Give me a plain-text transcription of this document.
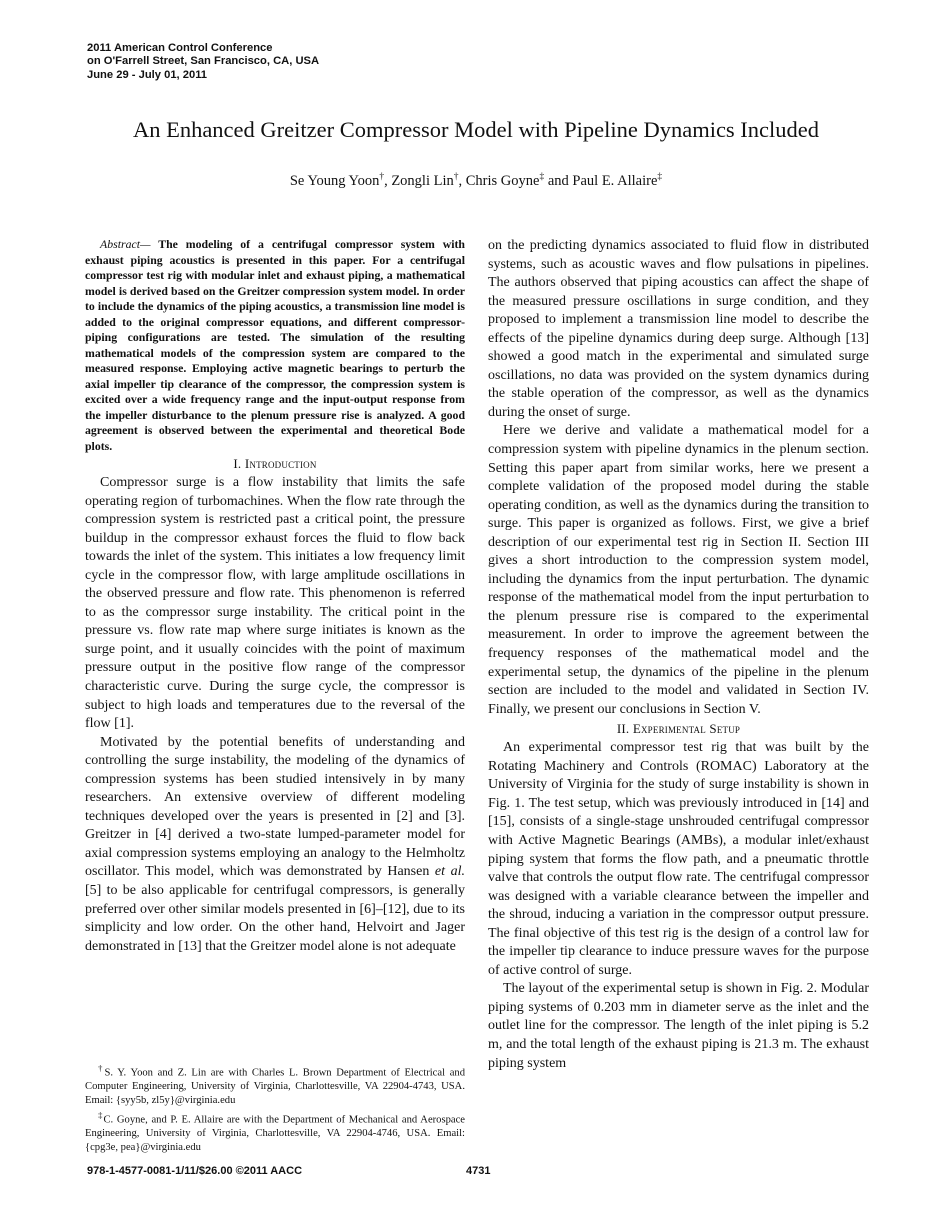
2011 American Control Conference
on O'Farrell Street, San Francisco, CA, USA
June 29 - July 01, 2011
An Enhanced Greitzer Compressor Model with Pipeline Dynamics Included
Se Young Yoon†, Zongli Lin†, Chris Goyne‡ and Paul E. Allaire‡

Abstract— The modeling of a centrifugal compressor system with exhaust piping acoustics is presented in this paper. For a centrifugal compressor test rig with modular inlet and exhaust piping, a mathematical model is derived based on the Greitzer compression system model. In order to include the dynamics of the piping acoustics, a transmission line model is added to the original compressor equations, and different compressor-piping configurations are tested. The simulation of the resulting mathematical models of the compression system are compared to the measured response. Employing active magnetic bearings to perturb the axial impeller tip clearance of the compressor, the compression system is excited over a wide frequency range and the input-output response from the impeller disturbance to the plenum pressure rise is analyzed. A good agreement is observed between the experimental and theoretical Bode plots.

I. Introduction

Compressor surge is a flow instability that limits the safe operating region of turbomachines. When the flow rate through the compression system is restricted past a critical point, the pressure buildup in the compressor exhaust forces the fluid to flow back towards the inlet of the system. This initiates a low frequency limit cycle in the compressor flow, with large amplitude oscillations in the observed pressure and flow rate. This phenomenon is referred to as the compressor surge instability. The critical point in the pressure vs. flow rate map where surge initiates is known as the surge point, and it usually coincides with the point of maximum pressure output in the positive flow range of the compressor characteristic curve. During the surge cycle, the compressor is subject to high loads and temperatures due to the reversal of the flow [1].

Motivated by the potential benefits of understanding and controlling the surge instability, the modeling of the dynamics of compression systems has been studied intensively in by many researchers. An extensive overview of different modeling techniques developed over the years is presented in [2] and [3]. Greitzer in [4] derived a two-state lumped-parameter model for axial compression systems employing an analogy to the Helmholtz oscillator. This model, which was demonstrated by Hansen et al. [5] to be also applicable for centrifugal compressors, is generally preferred over other similar models presented in [6]–[12], due to its simplicity and low order. On the other hand, Helvoirt and Jager demonstrated in [13] that the Greitzer model alone is not adequate

on the predicting dynamics associated to fluid flow in distributed systems, such as acoustic waves and flow pulsations in pipelines. The authors observed that piping acoustics can affect the shape of the measured pressure oscillations in surge condition, and they proposed to implement a transmission line model to describe the effects of the pipeline dynamics during deep surge. Although [13] showed a good match in the experimental and simulated surge oscillations, no data was provided on the system dynamics during the stable operation of the compressor, as well as the dynamics during the onset of surge.

Here we derive and validate a mathematical model for a compression system with pipeline dynamics in the plenum section. Setting this paper apart from similar works, here we present a complete validation of the proposed model during the stable operating condition, as well as the dynamics during the transition to surge. This paper is organized as follows. First, we give a brief description of our experimental test rig in Section II. Section III gives a short introduction to the compression system model, including the dynamics from the input perturbation. The dynamic response of the mathematical model from the input perturbation to the plenum pressure rise is compared to the experimental measurement. In order to improve the agreement between the frequency responses of the mathematical model and the experimental setup, the dynamics of the pipeline in the plenum section are included to the model and validated in Section IV. Finally, we present our conclusions in Section V.

II. Experimental Setup

An experimental compressor test rig that was built by the Rotating Machinery and Controls (ROMAC) Laboratory at the University of Virginia for the study of surge instability is shown in Fig. 1. The test setup, which was previously introduced in [14] and [15], consists of a single-stage unshrouded centrifugal compressor with Active Magnetic Bearings (AMBs), a modular inlet/exhaust piping system that forms the flow path, and a pneumatic throttle valve that controls the output flow rate. The centrifugal compressor was designed with a variable clearance between the impeller and the shroud, inducing a variation in the compressor output pressure. The final objective of this test rig is the design of a control law for the impeller tip clearance to induce pressure waves for the purpose of active control of surge.

The layout of the experimental setup is shown in Fig. 2. Modular piping systems of 0.203 mm in diameter serve as the inlet and the outlet line for the compressor. The length of the inlet piping is 5.2 m, and the total length of the exhaust piping is 21.3 m. The exhaust piping system

†S. Y. Yoon and Z. Lin are with Charles L. Brown Department of Electrical and Computer Engineering, University of Virginia, Charlottesville, VA 22904-4743, USA. Email: {syy5b, zl5y}@virginia.edu

‡C. Goyne, and P. E. Allaire are with the Department of Mechanical and Aerospace Engineering, University of Virginia, Charlottesville, VA 22904-4746, USA. Email: {cpg3e, pea}@virginia.edu

978-1-4577-0081-1/11/$26.00 ©2011 AACC	4731
